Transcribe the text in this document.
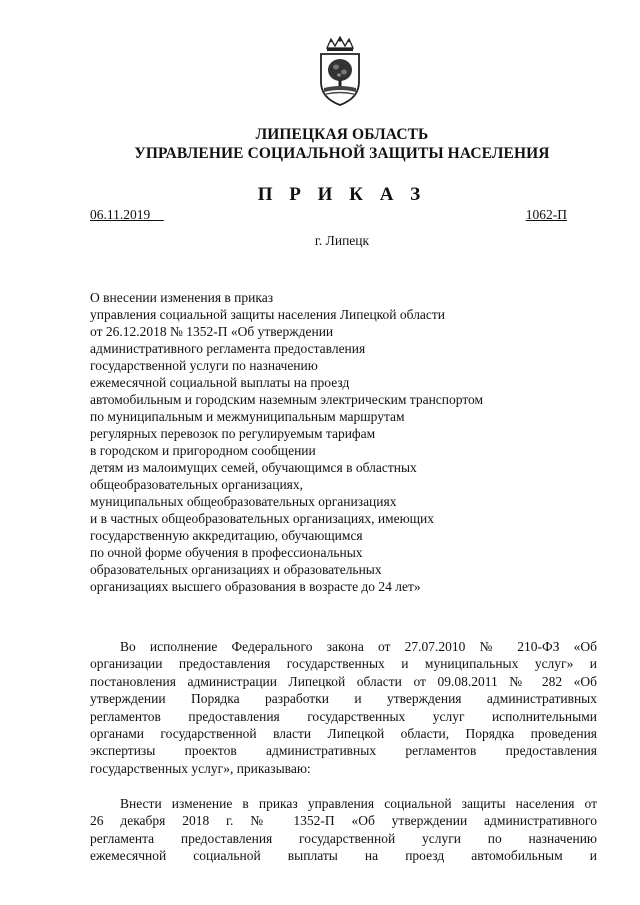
ЛИПЕЦКАЯ ОБЛАСТЬ
УПРАВЛЕНИЕ СОЦИАЛЬНОЙ ЗАЩИТЫ НАСЕЛЕНИЯ
П Р И К А З
06.11.2019	1062-П
г. Липецк
О внесении изменения в приказ
управления социальной защиты населения Липецкой области
от 26.12.2018 № 1352-П «Об утверждении
административного регламента предоставления
государственной услуги по назначению
ежемесячной социальной выплаты на проезд
автомобильным и городским наземным электрическим транспортом
по муниципальным и межмуниципальным маршрутам
регулярных перевозок по регулируемым тарифам
в городском и пригородном сообщении
детям из малоимущих семей, обучающимся в областных
общеобразовательных организациях,
муниципальных общеобразовательных организациях
и в частных общеобразовательных организациях, имеющих
государственную аккредитацию, обучающимся
по очной форме обучения в профессиональных
образовательных организациях и образовательных
организациях высшего образования в возрасте до 24 лет»
Во исполнение Федерального закона от 27.07.2010 № 210-ФЗ «Об
организации предоставления государственных и муниципальных услуг» и
постановления администрации Липецкой области от 09.08.2011 № 282 «Об
утверждении Порядка разработки и утверждения административных
регламентов предоставления государственных услуг исполнительными
органами государственной власти Липецкой области, Порядка проведения
экспертизы проектов административных регламентов предоставления
государственных услуг», приказываю:
Внести изменение в приказ управления социальной защиты населения от
26 декабря 2018 г. № 1352-П «Об утверждении административного
регламента предоставления государственной услуги по назначению
ежемесячной социальной выплаты на проезд автомобильным и
